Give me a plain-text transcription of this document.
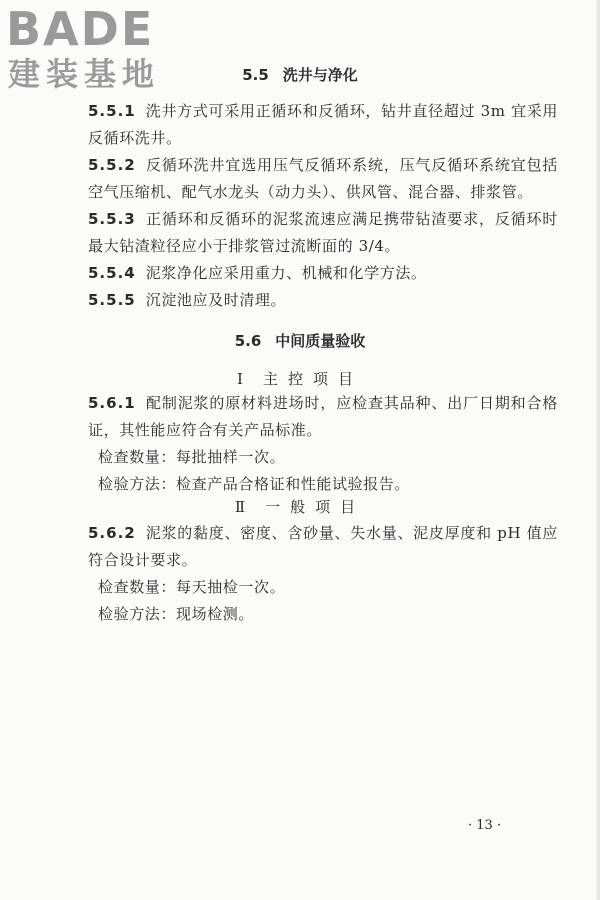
BADE
建装基地	5.5 洗井与净化
5.5.1 洗井方式可采用正循环和反循环，钻井直径超过 3m 宜采用反循环洗井。
5.5.2 反循环洗井宜选用压气反循环系统，压气反循环系统宜包括空气压缩机、配气水龙头（动力头）、供风管、混合器、排浆管。
5.5.3 正循环和反循环的泥浆流速应满足携带钻渣要求，反循环时最大钻渣粒径应小于排浆管过流断面的 3/4。
5.5.4 泥浆净化应采用重力、机械和化学方法。
5.5.5 沉淀池应及时清理。
5.6 中间质量验收
Ⅰ 主控项目
5.6.1 配制泥浆的原材料进场时，应检查其品种、出厂日期和合格证，其性能应符合有关产品标准。
检查数量：每批抽样一次。
检验方法：检查产品合格证和性能试验报告。
Ⅱ 一般项目
5.6.2 泥浆的黏度、密度、含砂量、失水量、泥皮厚度和 pH 值应符合设计要求。
检查数量：每天抽检一次。
检验方法：现场检测。
· 13 ·
